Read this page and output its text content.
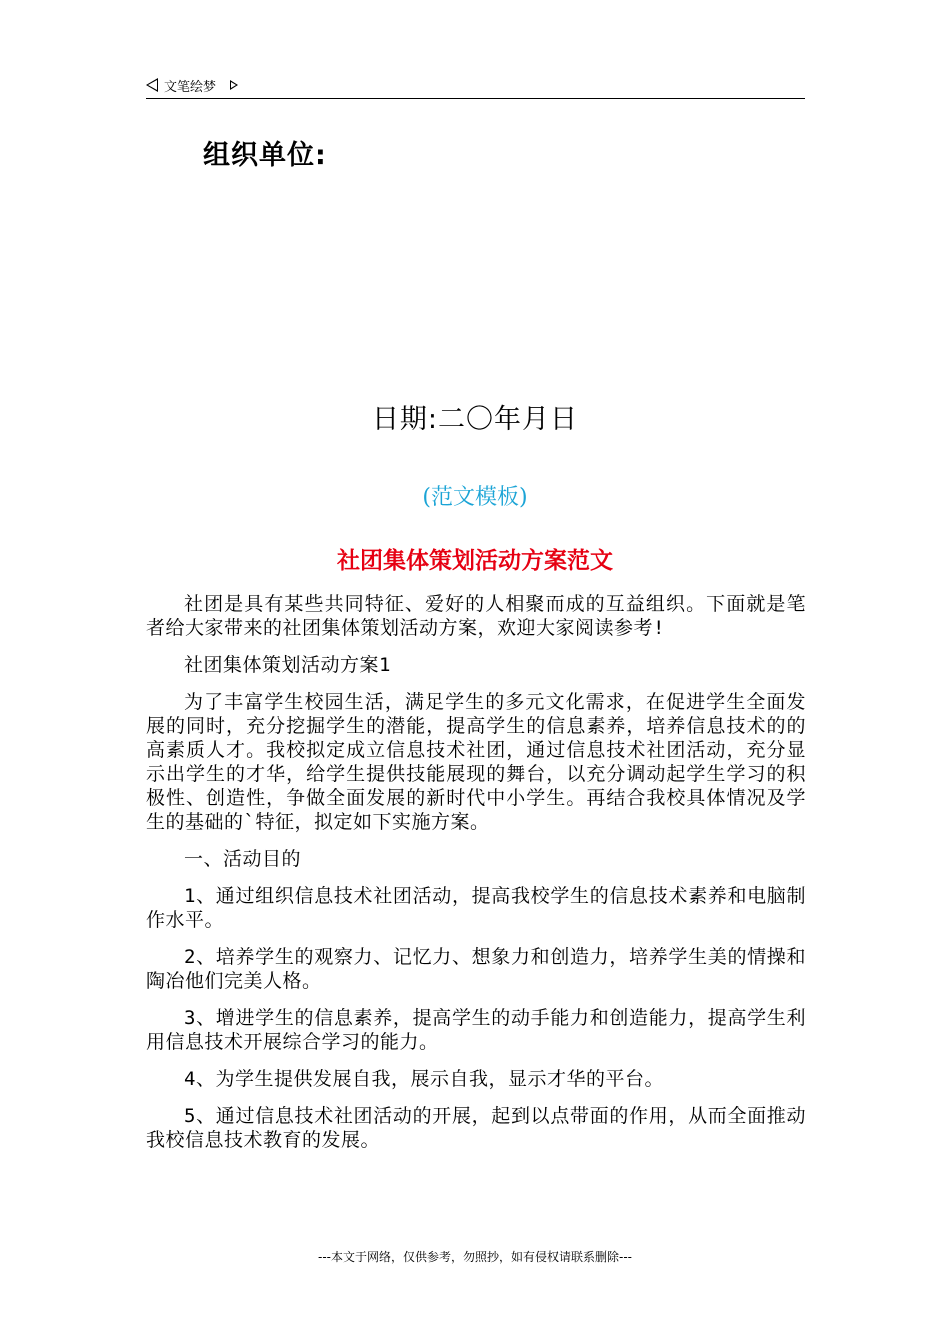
文笔绘梦
组织单位:
日期:二〇年月日
(范文模板)
社团集体策划活动方案范文

社团是具有某些共同特征、爱好的人相聚而成的互益组织。下面就是笔者给大家带来的社团集体策划活动方案，欢迎大家阅读参考!

社团集体策划活动方案1

为了丰富学生校园生活，满足学生的多元文化需求，在促进学生全面发展的同时，充分挖掘学生的潜能，提高学生的信息素养，培养信息技术的的高素质人才。我校拟定成立信息技术社团，通过信息技术社团活动，充分显示出学生的才华，给学生提供技能展现的舞台，以充分调动起学生学习的积极性、创造性，争做全面发展的新时代中小学生。再结合我校具体情况及学生的基础的`特征，拟定如下实施方案。

一、活动目的

1、通过组织信息技术社团活动，提高我校学生的信息技术素养和电脑制作水平。

2、培养学生的观察力、记忆力、想象力和创造力，培养学生美的情操和陶冶他们完美人格。

3、增进学生的信息素养，提高学生的动手能力和创造能力，提高学生利用信息技术开展综合学习的能力。

4、为学生提供发展自我，展示自我，显示才华的平台。

5、通过信息技术社团活动的开展，起到以点带面的作用，从而全面推动我校信息技术教育的发展。

---本文于网络，仅供参考，勿照抄，如有侵权请联系删除---
